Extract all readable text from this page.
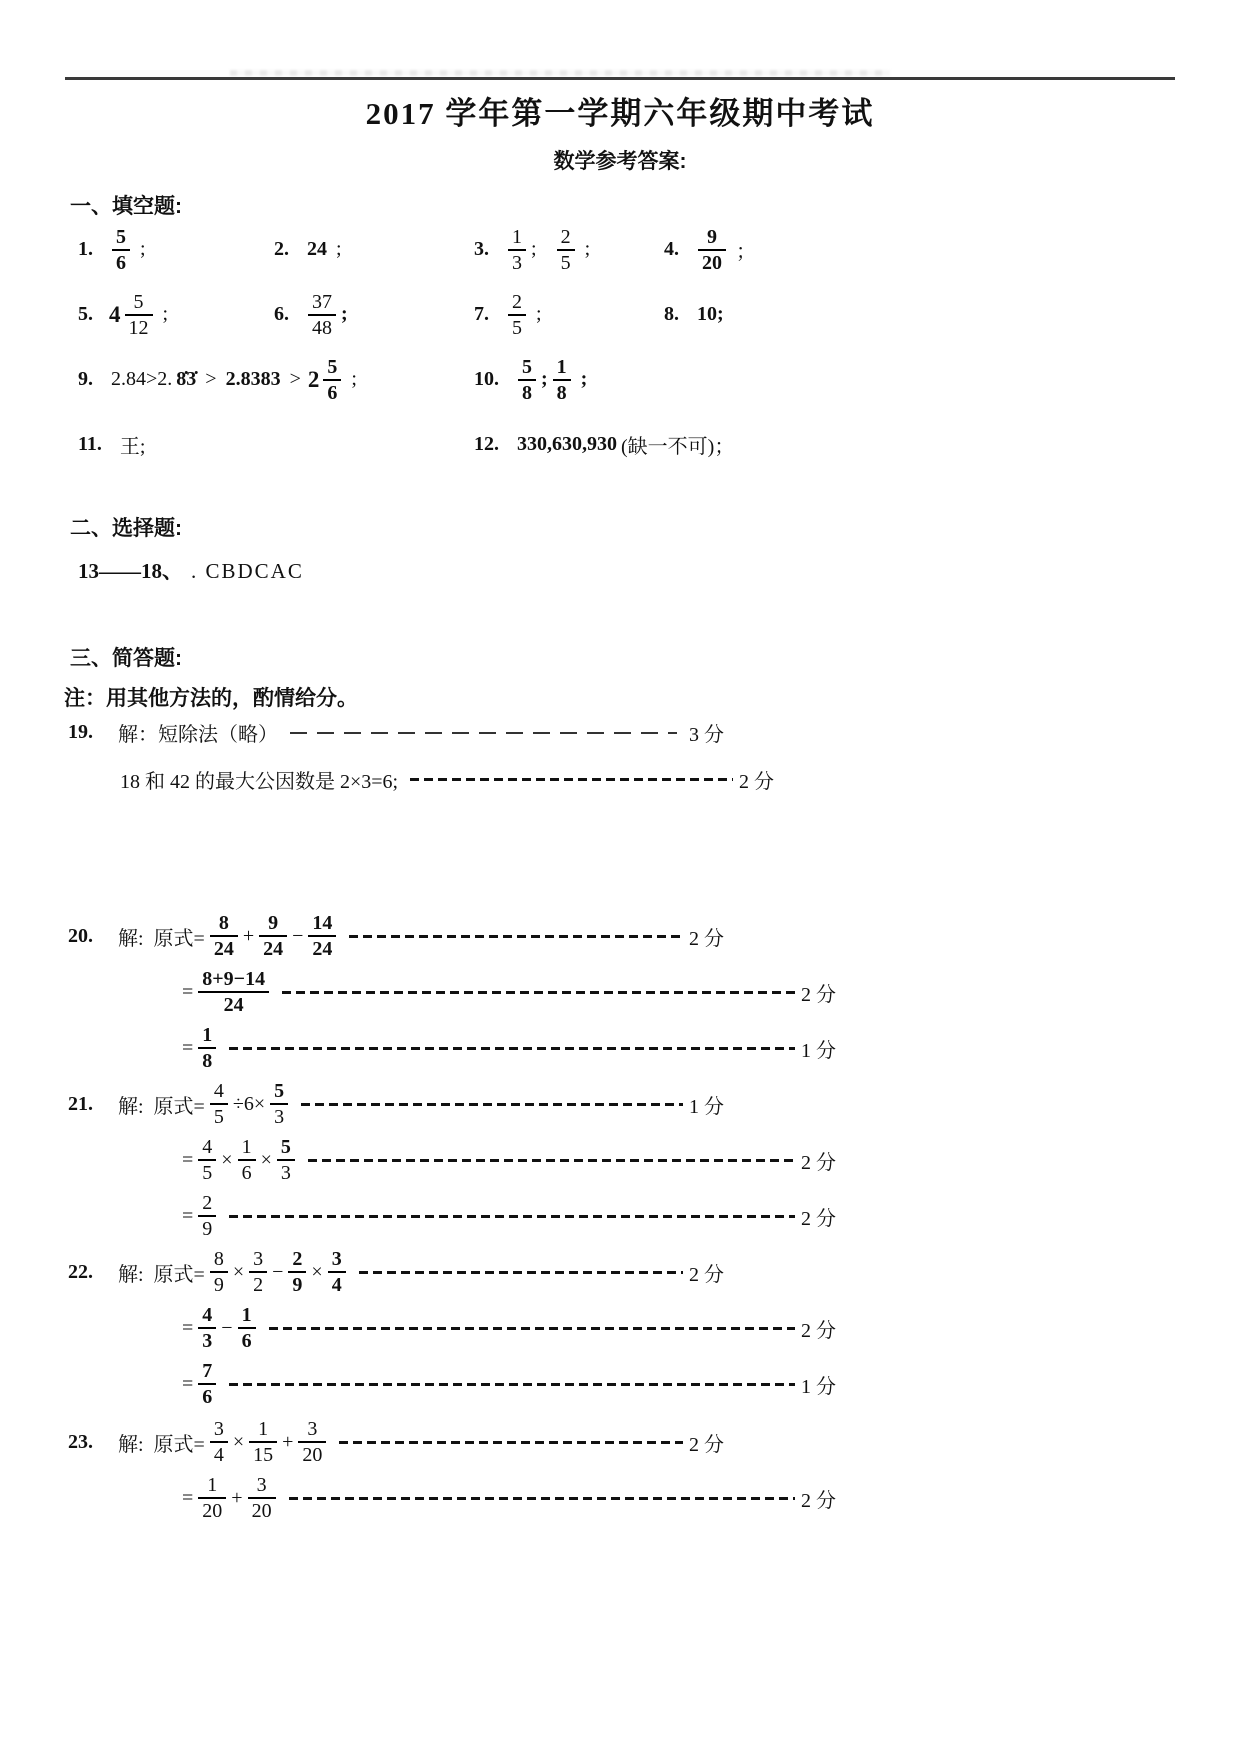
2017 学年第一学期六年级期中考试
数学参考答案:
一、填空题:
1. $\frac{5}{6}$ ;	2. 24 ;	3. $\frac{1}{3}$ ; $\frac{2}{5}$ ;	4. $\frac{9}{20}$ ；
5. $4 \frac{5}{12}$ ;	6. $\frac{37}{48}$ ;	7. $\frac{2}{5}$ ;	8. 10;
9. 2.84>2. 8̇3̇ > $2.8383 > 2 \frac{5}{6}$ ;	10. $\frac{5}{8}$ ; $\frac{1}{8}$ ;
11. 王;	12. 330,630,930 (缺一不可)；
二、选择题:
13——18、 . CBDCAC
三、简答题:
注：用其他方法的，酌情给分。
19.	解：短除法（略）	3 分
18 和 42 的最大公因数是 2×3=6;	2 分
20.	解:  原式= $\frac{8}{24} + \frac{9}{24} - \frac{14}{24}$	2 分
= $\frac{8+9-14}{24}$	2 分
= $\frac{1}{8}$	1 分
21.	解:  原式= $\frac{4}{5} \div 6\times \frac{5}{3}$	1 分
= $\frac{4}{5} \times \frac{1}{6} \times \frac{5}{3}$	2 分
= $\frac{2}{9}$	2 分
22.	解:  原式= $\frac{8}{9} \times \frac{3}{2} - \frac{2}{9} \times \frac{3}{4}$	2 分
= $\frac{4}{3} - \frac{1}{6}$	2 分
= $\frac{7}{6}$	1 分
23.	解:  原式= $\frac{3}{4} \times \frac{1}{15} + \frac{3}{20}$	2 分
= $\frac{1}{20} + \frac{3}{20}$	2 分
